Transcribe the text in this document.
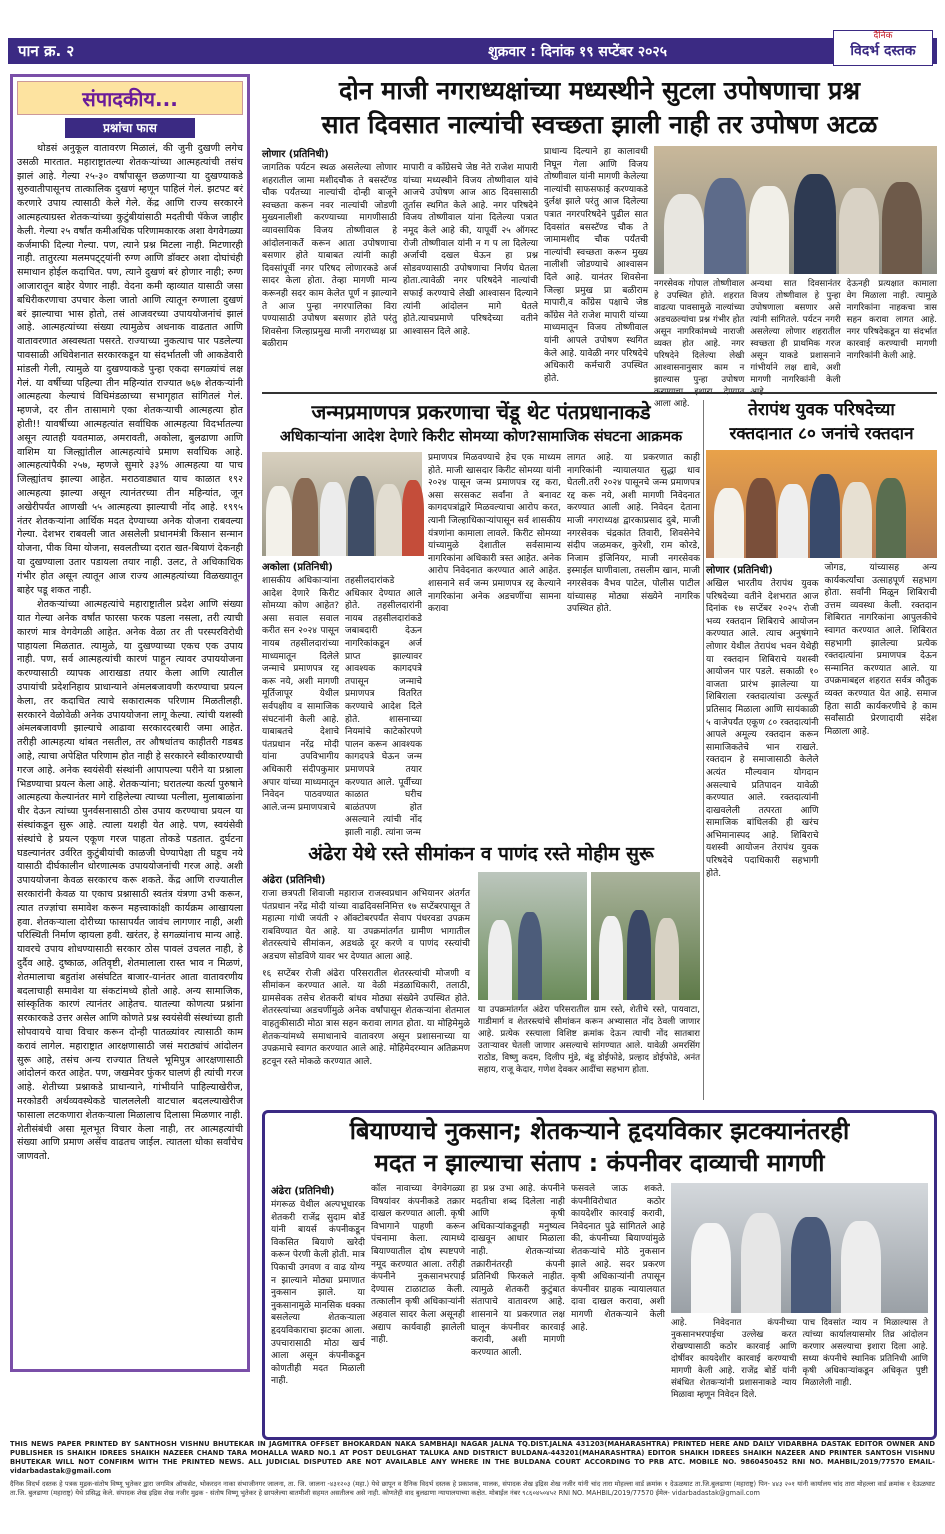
पान क्र. २	शुक्रवार : दिनांक १९ सप्टेंबर २०२५
दैनिक
विदर्भ दस्तक
संपादकीय...
प्रश्नांचा फास

थोडसं अनुकूल वातावरण मिळालं, की जुनी दुखणी लगेच उसळी मारतात. महाराष्ट्रातल्या शेतकऱ्यांच्या आत्महत्यांची तसंच झालं आहे. गेल्या २५-३० वर्षांपासून छळणाऱ्या या दुखण्याकडे सुरुवातीपासूनच तात्कालिक दुखणं म्हणून पाहिलं गेलं. झटपट बरं करणारे उपाय त्यासाठी केले गेले. केंद्र आणि राज्य सरकारने आत्महत्याग्रस्त शेतकऱ्यांच्या कुटुंबीयांसाठी मदतीची पॅकेज जाहीर केली. गेल्या २५ वर्षांत कमीअधिक परिणामकारक अशा वेगवेगळ्या कर्जमाफी दिल्या गेल्या. पण, त्याने प्रश्न मिटला नाही. मिटणारही नाही. तातुरत्या मलमपट्ट्यांनी रुग्ण आणि डॉक्टर अशा दोघांचंही समाधान होईल कदाचित. पण, त्याने दुखणं बरं होणार नाही; रुग्ण आजारातून बाहेर येणार नाही. वेदना कमी व्हाव्यात यासाठी जसा बधिरीकरणाचा उपचार केला जातो आणि त्यातून रुग्णाला दुखणं बरं झाल्याचा भास होतो, तसं आजवरच्या उपाययोजनांचं झालं आहे. आत्महत्यांच्या संख्या त्यामुळेच अधनाक वाढतात आणि वातावरणात अस्वस्थता पसरते. राज्याच्या नुकत्याच पार पडलेल्या पावसाळी अधिवेशनात सरकारकडून या संदर्भातली जी आकडेवारी मांडली गेली, त्यामुळे या दुखण्याकडे पुन्हा एकदा सगळ्यांचं लक्ष गेलं. या वर्षीच्या पहिल्या तीन महिन्यांत राज्यात ७६७ शेतकऱ्यांनी आत्महत्या केल्याचं विधिमंडळाच्या सभागृहात सांगितलं गेलं. म्हणजे, दर तीन तासामागे एका शेतकऱ्याची आत्महत्या होत होती!! यावर्षीच्या आत्महत्यांत सर्वाधिक आत्महत्या विदर्भातल्या असून त्यातही यवतमाळ, अमरावती, अकोला, बुलढाणा आणि वाशिम या जिल्ह्यांतील आत्महत्यांचे प्रमाण सर्वाधिक आहे. आत्महत्यांपैकी २५७, म्हणजे सुमारे ३३% आत्महत्या या पाच जिल्ह्यांतच झाल्या आहेत. मराठवाड्यात याच काळात १९२ आत्महत्या झाल्या असून त्यानंतरच्या तीन महिन्यांत, जून अखेरीपर्यंत आणखी ५५ आत्महत्या झाल्याची नोंद आहे. १९९५ नंतर शेतकऱ्यांना आर्थिक मदत देण्याच्या अनेक योजना राबवल्या गेल्या. देशभर राबवली जात असलेली प्रधानमंत्री किसान सन्मान योजना, पीक विमा योजना, सवलतीच्या दरात खत-बियाणं देकनही या दुखण्याला उतार पडायला तयार नाही. उलट, ते अधिकाधिक गंभीर होत असून त्यातून आज राज्य आत्महत्यांच्या विळख्यातून बाहेर पडू शकत नाही.

शेतकऱ्यांच्या आत्महत्यांचे महाराष्ट्रातील प्रदेश आणि संख्या यात गेल्या अनेक वर्षांत फारसा फरक पडला नसला, तरी त्याची कारणं मात्र वेगवेगळी आहेत. अनेक वेळा तर ती परस्परविरोधी पाहायला मिळतात. त्यामुळे, या दुखण्याच्या एकच एक उपाय नाही. पण, सर्व आत्महत्यांची कारणं पाहून त्यावर उपाययोजना करण्यासाठी व्यापक आराखडा तयार केला आणि त्यातील उपायांची प्रदेशनिहाय प्राधान्याने अंमलबजावणी करण्याचा प्रयत्न केला, तर कदाचित त्याचे सकारात्मक परिणाम मिळतीलही. सरकारने वेळोवेळी अनेक उपाययोजना लागू केल्या. त्यांची यशस्वी अंमलबजावणी झाल्याचे आढावा सरकारदरबारी जमा आहेत. तरीही आत्महत्या थांबत नसतील, तर औषधांतच काहीतरी गडबड आहे, त्याचा अपेक्षित परिणाम होत नाही हे सरकारने स्वीकारण्याची गरज आहे. अनेक स्वयंसेवी संस्थांनी आपापल्या परीने या प्रश्नाला भिडण्याचा प्रयत्न केला आहे. शेतकऱ्यांना; घरातल्या कर्त्या पुरुषाने आत्महत्या केल्यानंतर मागे राहिलेल्या त्याच्या पत्नीला, मुलाबाळांना धीर देऊन त्यांच्या पुनर्वसनासाठी ठोस उपाय करण्याचा प्रयत्न या संस्थांकडून सुरू आहे. त्याला यशही येत आहे. पण, स्वयंसेवी संस्थांचे हे प्रयत्न एकूण गरज पाहता तोकडे पडतात. दुर्घटना घडल्यानंतर उर्वरित कुटुंबीयांची काळजी घेण्यापेक्षा ती घडूच नये यासाठी दीर्घकालीन धोरणात्मक उपाययोजनांची गरज आहे. अशी उपाययोजना केवळ सरकारच करू शकते. केंद्र आणि राज्यातील सरकारांनी केवळ या एकाच प्रश्नासाठी स्वतंत्र यंत्रणा उभी करून, त्यात तज्ज्ञांचा समावेश करून महत्त्वाकांक्षी कार्यक्रम आखायला हवा. शेतकऱ्याला दोरीच्या फासापर्यंत जावंच लागणार नाही, अशी परिस्थिती निर्माण व्हायला हवी. खरंतर, हे सगळ्यांनाच मान्य आहे. यावरचे उपाय शोधण्यासाठी सरकार ठोस पावलं उचलत नाही, हे दुर्दैव आहे. दुष्काळ, अतिवृष्टी, शेतमालाला रास्त भाव न मिळणं, शेतमालाचा बहुतांश असंघटित बाजार-यानंतर आता वातावरणीय बदलाचाही समावेश या संकटांमध्ये होतो आहे. अन्य सामाजिक, सांस्कृतिक कारणं त्यानंतर आहेतच. यातल्या कोणत्या प्रश्नांना सरकारकडे उत्तर असेल आणि कोणते प्रश्न स्वयंसेवी संस्थांच्या हाती सोपवायचे याचा विचार करून दोन्ही पातळ्यांवर त्यासाठी काम करावं लागेल. महाराष्ट्रात आरक्षणासाठी जसं मराठ्यांचं आंदोलन सुरू आहे, तसंच अन्य राज्यात तिथले भूमिपुत्र आरक्षणासाठी आंदोलनं करत आहेत. पण, जखमेवर फुंकर घालणं ही त्यांची गरज आहे. शेतीच्या प्रश्नाकडे प्राधान्याने, गांभीर्याने पाहिल्याखेरीज, मरकोडरी अर्थव्यवस्थेकडे चालललेली वाटचाल बदलल्याखेरीज फासाला लटकणारा शेतकऱ्याला मिळालाच दिलासा मिळणार नाही. शेतीसंबंधी असा मूलभूत विचार केला नाही, तर आत्महत्यांची संख्या आणि प्रमाण असेंच वाढतच जाईल. त्यातला धोका सर्वांचेच जाणवतो.

दोन माजी नगराध्यक्षांच्या मध्यस्थीने सुटला उपोषणाचा प्रश्न
सात दिवसात नाल्यांची स्वच्छता झाली नाही तर उपोषण अटळ
लोणार (प्रतिनिधी)
जागतिक पर्यटन स्थळ असलेल्या लोणार शहरातील जामा मशीदचौक ते बसस्टॅण्ड चौक पर्यंतच्या नाल्यांची दोन्ही बाजूने स्वच्छता करून नवर नाल्यांची जोडणी मुख्यनालीशी करण्याच्या मागणीसाठी व्यावसायिक विजय तोष्णीवाल हे आंदोलनाकर्ते करून आता उपोषणाचा बसणार होते याबाबत त्यांनी काही दिवसांपूर्वी नगर परिषद लोणारकडे अर्ज सादर केला होता. तेव्हा मागणी मान्य करूनही सदर काम केलेत पूर्ण न झाल्याने ते आज पुन्हा नगरपालिका विरा पण्यासाठी उपोषण बसणार होते परंतु शिवसेना जिल्हाप्रमुख माजी नगराध्यक्ष प्रा बळीराम
मापारी व काँग्रेसचे जेष्ठ नेते राजेश मापारी यांच्या मध्यस्थीने विजय तोष्णीवाल यांचे आजचे उपोषण आज आठ दिवसासाठी तूर्तास स्थगित केले आहे. नगर परिषदेने विजय तोष्णीवाल यांना दिलेल्या पत्रात नमूद केले आहे की, यापूर्वी २५ ऑगस्ट रोजी तोष्णीवाल यांनी न ग प ला दिलेल्या अर्जाची दखल घेऊन हा प्रश्न सोडवण्यासाठी उपोषणाचा निर्णय घेतला होता.त्यावेळी नगर परिषदेने नाल्यांची सफाई करण्याचे लेखी आश्वासन दिल्याने त्यांनी आंदोलन मागे घेतले होते.त्याचप्रमाणे परिषदेच्या वतीने आश्वासन दिले आहे.
प्राधान्य दिल्याने हा कालावधी निघून गेला आणि विजय तोष्णीवाल यांनी मागणी केलेल्या नाल्यांची साफसफाई करण्याकडे दुर्लक्ष झाले परंतु आज दिलेल्या पत्रात नगरपरिषदेने पुढील सात दिवसांत बसस्टॅण्ड चौक ते जामामशीद चौक पर्यंतची नाल्यांची स्वच्छता करून मुख्य नालीशी जोडण्याचे आश्वासन दिले आहे. यानंतर शिवसेना जिल्हा प्रमुख प्रा बळीराम मापारी,व काँग्रेस पक्षाचे जेष्ठ काँग्रेस नेते राजेश मापारी यांच्या माध्यमातून विजय तोष्णीवाल यांनी आपले उपोषण स्थगित केले आहे. यावेळी नगर परिषदेचे अधिकारी कर्मचारी उपस्थित होते.
नगरसेवक गोपाल तोष्णीवाल हे उपस्थित होते. शहरात वाढत्या पावसामुळे नाल्यांच्या अडचळल्यांचा प्रश्न गंभीर होत असून नागरिकांमध्ये नाराजी व्यक्त होत आहे. नगर परिषदेने दिलेल्या लेखी आश्वासनानुसार काम न झाल्यास पुन्हा उपोषण आला आहे.
अन्यथा सात दिवसानंतर विजय तोष्णीवाल हे पुन्हा उपोषणाला बसणार असे त्यांनी सांगितले. पर्यटन नगरी असलेल्या लोणार शहरातील स्वच्छता ही प्राथमिक गरज असून याकडे प्रशासनाने गांभीर्याने लक्ष द्यावे, अशी मागणी नागरिकांनी केली
देऊनही प्रत्यक्षात कामाला वेग मिळाला नाही. त्यामुळे नागरिकांना नाहकचा त्रास सहन करावा लागत आहे. नगर परिषदेकडून या संदर्भात कारवाई करण्याची मागणी नागरिकांनी केली आहे.
जन्मप्रमाणपत्र प्रकरणाचा चेंडू थेट पंतप्रधानाकडे
अधिकाऱ्यांना आदेश देणारे किरीट सोमय्या कोण?सामाजिक संघटना आक्रमक
अकोला (प्रतिनिधी)
शासकीय अधिकाऱ्यांना आदेश देणारे किरीट सोमय्या कोण आहेत? असा सवाल सवाल करीत सन २०२४ पासून नायब तहसीलदारांच्या माध्यमातून दिलेले जन्माचे प्रमाणपत्र रद्द करू नये, अशी मागणी मूर्तिजापूर येथील सर्वपक्षीय व सामाजिक संघटनांनी केली आहे. याबाबतचे देशाचे पंतप्रधान नरेंद्र मोदी यांना उपविभागीय अधिकारी संदीपकुमार अपार यांच्या माध्यमातून निवेदन पाठवण्यात आले.जन्म प्रमाणपत्राचे
तहसीलदारांकडे अधिकार देण्यात आले होते. तहसीलदारांनी नायब तहसीलदारांकडे जबाबदारी देऊन नागरिकांकडून अर्ज प्राप्त झाल्यावर आवश्यक कागदपत्रे तपासून जन्माचे प्रमाणपत्र वितरित करण्याचे आदेश दिले होते. शासनाच्या नियमांचे काटेकोरपणे पालन करून आवश्यक कागदपत्रे घेऊन जन्म प्रमाणपत्रे तयार करण्यात आले. पूर्वीच्या काळात घरीच बाळंतपण होत असल्याने त्यांची नोंद झाली नाही. त्यांना जन्म
प्रमाणपत्र मिळवण्याचे हेच एक माध्यम होते. माजी खासदार किरीट सोमय्या यांनी २०२४ पासून जन्म प्रमाणपत्र रद्द करा, असा सरसकट सर्वांना ते बनावट कागदपत्रांद्वारे मिळवल्याचा आरोप करत, त्यानी जिल्हाधिकाऱ्यांपासून सर्व शासकीय यंत्रणांना कामाला लावले. किरीट सोमय्या यांच्यामुळे देशातील सर्वसामान्य नागरिकांना अधिकारी त्रस्त आहेत. अनेक आरोप निवेदनात करण्यात आले आहेत. शासनाने सर्व जन्म प्रमाणपत्र रद्द केल्याने नागरिकांना अनेक अडचणींचा सामना करावा
लागत आहे. या प्रकरणात काही नागरिकांनी न्यायालयात सुद्धा धाव घेतली.तरी २०२४ पासूनचे जन्म प्रमाणपत्र रद्द करू नये, अशी मागणी निवेदनात करण्यात आली आहे. निवेदन देताना माजी नगराध्यक्ष द्वारकाप्रसाद दुबे, माजी नगरसेवक चंद्रकांत तिवारी, शिवसेनेचे संदीप जळमकर, कुरेशी, राम कोरडे, निजाम इंजिनियर, माजी नगरसेवक इस्माईल घाणीवाला, तसलीम खान, माजी नगरसेवक वैभव पाटेल, पोलीस पाटील यांच्यासह मोठ्या संख्येने नागरिक उपस्थित होते.
तेरापंथ युवक परिषदेच्या
रक्तदानात ८० जनांचे रक्तदान
लोणार (प्रतिनिधी)
अखिल भारतीय तेरापंथ युवक परिषदेच्या वतीने देशभरात आज दिनांक १७ सप्टेंबर २०२५ रोजी भव्य रक्तदान शिबिराचे आयोजन करण्यात आले. त्याच अनुषंगाने लोणार येथील तेरापंथ भवन येथेही या रक्तदान शिबिराचे यशस्वी आयोजन पार पडले. सकाळी १० वाजता प्रारंभ झालेल्या या शिबिराला रक्तदात्यांचा उत्स्फूर्त प्रतिसाद मिळाला आणि सायंकाळी ५ वाजेपर्यंत एकूण ८० रक्तदात्यांनी आपले अमूल्य रक्तदान करून सामाजिकतेचे भान राखले. रक्तदान हे समाजासाठी केलेले अत्यंत मौल्यवान योगदान असल्याचे प्रतिपादन यावेळी करण्यात आले. रक्तदात्यांनी दाखवलेली तत्परता आणि सामाजिक बांधिलकी ही खरंच अभिमानास्पद आहे. शिबिराचे यशस्वी आयोजन तेरापंथ युवक परिषदेचे पदाधिकारी सहभागी होते.
जोगड, यांच्यासह अन्य कार्यकर्त्यांचा उत्साहपूर्ण सहभाग होता. सर्वांनी मिळून शिबिराची उत्तम व्यवस्था केली. रक्तदान शिबिरात नागरिकांना आपुलकीचे स्वागत करण्यात आले. शिबिरात सहभागी झालेल्या प्रत्येक रक्तदात्यांना प्रमाणपत्र देऊन सन्मानित करण्यात आले. या उपक्रमाबद्दल शहरात सर्वत्र कौतुक व्यक्त करण्यात येत आहे. समाज हिता साठी कार्यकरणीचे हे काम सर्वांसाठी प्रेरणादायी संदेश मिळाला आहे.
अंढेरा येथे रस्ते सीमांकन व पाणंद रस्ते मोहीम सुरू
अंढेरा (प्रतिनिधी)
राजा छत्रपती शिवाजी महाराज राजस्वप्रधान अभियानर अंतर्गत पंतप्रधान नरेंद्र मोदी यांच्या वाढदिवसनिमित्त १७ सप्टेंबरपासून ते महात्मा गांधी जयंती २ ऑक्टोबरपर्यंत सेवाप पंधरवडा उपक्रम राबविण्यात येत आहे. या उपक्रमांतर्गत ग्रामीण भागातील शेतरस्त्यांचे सीमांकन, अडथळे दूर करणे व पाणंद रस्त्यांची अडचण सोडविणे यावर भर देण्यात आला आहे.
१६ सप्टेंबर रोजी अंढेरा परिसरातील शेतरस्त्यांची मोजणी व सीमांकन करण्यात आले. या वेळी मंडळाधिकारी, तलाठी, ग्रामसेवक तसेच शेतकरी बांधव मोठ्या संख्येने उपस्थित होते. शेतरस्त्यांच्या अडचणींमुळे अनेक वर्षांपासून शेतकऱ्यांना शेतमाल वाहतुकीसाठी मोठा त्रास सहन करावा लागत होता. या मोहिमेमुळे शेतकऱ्यांमध्ये समाधानाचे वातावरण असून प्रशासनाच्या या उपक्रमाचे स्वागत करण्यात आले आहे. मोहिमेदरम्यान अतिक्रमण हटवून रस्ते मोकळे करण्यात आले.
या उपक्रमांतर्गत अंढेरा परिसरातील ग्राम रस्ते, शेतीचे रस्ते, पायवाटा, गाडीमार्ग व शेतरस्त्यांचे सीमांकन करून अभ्यासात नोंद ठेवली जाणार आहे. प्रत्येक रस्त्याला विशिष्ट क्रमांक देऊन त्याची नोंद सातबारा उताऱ्यावर घेतली जाणार असल्याचे सांगण्यात आले. यावेळी अमरसिंग राठोड, विष्णु कदम, दिलीप मुंडे, बंडू डोईफोडे, प्रल्हाद डोईफोडे, अनंत सहाय, राजू केदार, गणेश देवकर आदींचा सहभाग होता.
बियाण्याचे नुकसान; शेतकऱ्याने हृदयविकार झटक्यानंतरही
मदत न झाल्याचा संताप : कंपनीवर दाव्याची मागणी
अंढेरा (प्रतिनिधी)
मंगरूळ येथील अल्पभूधारक शेतकरी राजेंद्र सुदाम बोर्डे यांनी बायर्स कंपनीकडून विकसित बियाणे खरेदी करून पेरणी केली होती. मात्र पिकाची उगवण व वाढ योग्य न झाल्याने मोठ्या प्रमाणात नुकसान झाले. या नुकसानामुळे मानसिक धक्का बसलेल्या शेतकऱ्याला हृदयविकाराचा झटका आला. उपचारासाठी मोठा खर्च आला असून कंपनीकडून कोणतीही मदत मिळाली नाही.
कॉल नावाच्या वेगवेगळ्या विषयांवर कंपनीकडे तक्रार दाखल करण्यात आली. कृषी विभागाने पाहणी करून पंचनामा केला. त्यामध्ये बियाण्यातील दोष स्पष्टपणे नमूद करण्यात आला. तरीही कंपनीने नुकसानभरपाई देण्यास टाळाटाळ केली. तत्कालीन कृषी अधिकाऱ्यांनी अहवाल सादर केला असूनही अद्याप कार्यवाही झालेली नाही.
हा प्रश्न उभा आहे. कंपनीने मदतीचा शब्द दिलेला नाही आणि कृषी अधिकाऱ्यांकडूनही मनुष्यत्व दाखवून आधार मिळाला नाही. शेतकऱ्यांच्या तक्रारीनंतरही कंपनी प्रतिनिधी फिरकले नाहीत. त्यामुळे शेतकरी कुटुंबात संतापाचे वातावरण आहे. शासनाने या प्रकरणात लक्ष घालून कंपनीवर कारवाई करावी, अशी मागणी करण्यात आली.
फसवले जाऊ शकते. कंपनीविरोधात कठोर कायदेशीर कारवाई करावी, निवेदनात पुढे सांगितले आहे की, कंपनीच्या बियाण्यांमुळे शेतकऱ्यांचे मोठे नुकसान झाले आहे. सदर प्रकरण कृषी अधिकाऱ्यांनी तपासून कंपनीवर ग्राहक न्यायालयात दावा दाखल करावा, अशी मागणी शेतकऱ्याने केली आहे.	आहे. निवेदनात कंपनीच्या नुकसानभरपाईचा उल्लेख करत रोखण्यासाठी कठोर कारवाई आणि दोषींवर कायदेशीर कारवाई करण्याची मागणी केली आहे. राजेंद्र बोर्डे यांनी संबंधित शेतकऱ्यांनी प्रशासनाकडे न्याय मिळावा म्हणून निवेदन दिले.
पाच दिवसांत न्याय न मिळाल्यास ते त्यांच्या कार्यालयासमोर तिव्र आंदोलन करणार असल्याचा इशारा दिला आहे. सध्या कंपनीचे स्थानिक प्रतिनिधी आणि कृषी अधिकाऱ्यांकडून अधिकृत पुष्टी मिळालेली नाही.
THIS NEWS PAPER PRINTED BY SANTHOSH VISHNU BHUTEKAR IN JAGMITRA OFFSET BHOKARDAN NAKA SAMBHAJI NAGAR JALNA TQ.DIST.JALNA 431203(MAHARASHTRA) PRINTED HERE AND DAILY VIDARBHA DASTAK EDITOR OWNER AND PUBLISHER IS SHAIKH IDREES SHAIKH NAZEER CHAND TARA MOHALLA WARD NO.1 AT POST DEULGHAT TALUKA AND DISTRICT BULDANA-443201(MAHARASHTRA) EDITOR SHAIKH IDREES SHAIKH NAZEER AND PRINTER SANTOSH VISHNU BHUTEKAR WILL NOT CONFIRM WITH THE PRINTED NEWS. ALL JUDICIAL DISPUTED ARE NOT AVAILABLE ANY WHERE IN THE BULDANA COURT ACCORDING TO PRB ATC. MOBILE NO. 9860450452 RNI NO. MAHBIL/2019/77570 EMAIL- vidarbadastak@gmail.com
दैनिक विदर्भ दस्तक हे पत्रक मुद्रक-संतोष विष्णू भुतेकर द्वारा जगमित्र ऑफसेट, भोकरदन नाका संभाजीनगर जालना, ता. जि. जालना -४३१२०३ (महा.) येथे छापून व दैनिक विदर्भ दस्तक हे प्रकाशक, मालक, संपादक शेख इद्रिस शेख नजीर यांनी चांद तारा मोहल्ला वार्ड क्रमांक १ देऊळघाट ता.जि.बुलढाणा (महाराष्ट्र) पिन- ४४३ २०१ यांनी कार्यालय चांद तारा मोहल्ला वार्ड क्रमांक १ देऊळघाट ता.जि. बुलढाणा (महाराष्ट्र) येथे प्रसिद्ध केले. संपादक शेख इद्रिस शेख नजीर मुद्रक - संतोष विष्णू भुतेकर हे छापलेल्या बातमीशी सहमत असतीलच असे नाही. कोणतेही वाद बुलढाणा न्यायालयाच्या कक्षेत. मोबाईल नंबर ९८६०४५०४५२ RNI NO. MAHBIL/2019/77570 ईमेल- vidarbadastak@gmail.com
